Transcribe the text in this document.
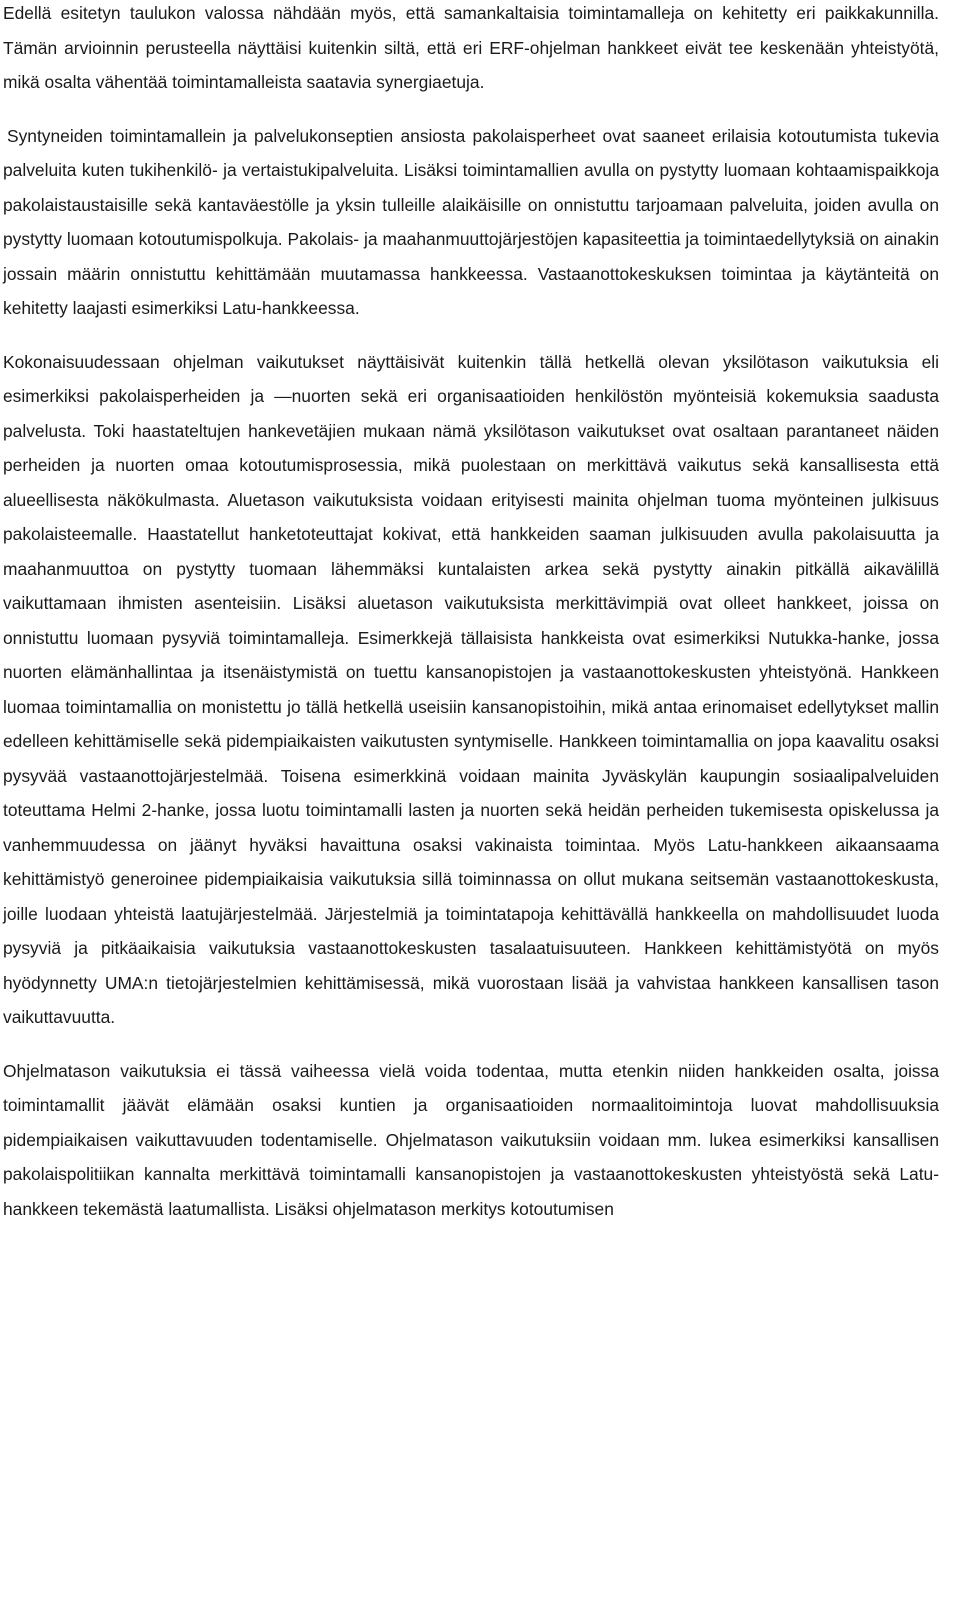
Edellä esitetyn taulukon valossa nähdään myös, että samankaltaisia toimintamalleja on kehitetty eri paikkakunnilla. Tämän arvioinnin perusteella näyttäisi kuitenkin siltä, että eri ERF-ohjelman hankkeet eivät tee keskenään yhteistyötä, mikä osalta vähentää toimintamalleista saatavia synergiaetuja.

Syntyneiden toimintamallein ja palvelukonseptien ansiosta pakolaisperheet ovat saaneet erilaisia kotoutumista tukevia palveluita kuten tukihenkilö- ja vertaistukipalveluita. Lisäksi toimintamallien avulla on pystytty luomaan kohtaamispaikkoja pakolaistaustaisille sekä kantaväestölle ja yksin tulleille alaikäisille on onnistuttu tarjoamaan palveluita, joiden avulla on pystytty luomaan kotoutumispolkuja. Pakolais- ja maahanmuuttojärjestöjen kapasiteettia ja toimintaedellytyksiä on ainakin jossain määrin onnistuttu kehittämään muutamassa hankkeessa. Vastaanottokeskuksen toimintaa ja käytänteitä on kehitetty laajasti esimerkiksi Latu-hankkeessa.

Kokonaisuudessaan ohjelman vaikutukset näyttäisivät kuitenkin tällä hetkellä olevan yksilötason vaikutuksia eli esimerkiksi pakolaisperheiden ja —nuorten sekä eri organisaatioiden henkilöstön myönteisiä kokemuksia saadusta palvelusta. Toki haastateltujen hankevetäjien mukaan nämä yksilötason vaikutukset ovat osaltaan parantaneet näiden perheiden ja nuorten omaa kotoutumisprosessia, mikä puolestaan on merkittävä vaikutus sekä kansallisesta että alueellisesta näkökulmasta. Aluetason vaikutuksista voidaan erityisesti mainita ohjelman tuoma myönteinen julkisuus pakolaisteemalle. Haastatellut hanketoteuttajat kokivat, että hankkeiden saaman julkisuuden avulla pakolaisuutta ja maahanmuuttoa on pystytty tuomaan lähemmäksi kuntalaisten arkea sekä pystytty ainakin pitkällä aikavälillä vaikuttamaan ihmisten asenteisiin. Lisäksi aluetason vaikutuksista merkittävimpiä ovat olleet hankkeet, joissa on onnistuttu luomaan pysyviä toimintamalleja. Esimerkkejä tällaisista hankkeista ovat esimerkiksi Nutukka-hanke, jossa nuorten elämänhallintaa ja itsenäistymistä on tuettu kansanopistojen ja vastaanottokeskusten yhteistyönä. Hankkeen luomaa toimintamallia on monistettu jo tällä hetkellä useisiin kansanopistoihin, mikä antaa erinomaiset edellytykset mallin edelleen kehittämiselle sekä pidempiaikaisten vaikutusten syntymiselle. Hankkeen toimintamallia on jopa kaavalitu osaksi pysyvää vastaanottojärjestelmää. Toisena esimerkkinä voidaan mainita Jyväskylän kaupungin sosiaalipalveluiden toteuttama Helmi 2-hanke, jossa luotu toimintamalli lasten ja nuorten sekä heidän perheiden tukemisesta opiskelussa ja vanhemmuudessa on jäänyt hyväksi havaittuna osaksi vakinaista toimintaa. Myös Latu-hankkeen aikaansaama kehittämistyö generoinee pidempiaikaisia vaikutuksia sillä toiminnassa on ollut mukana seitsemän vastaanottokeskusta, joille luodaan yhteistä laatujärjestelmää. Järjestelmiä ja toimintatapoja kehittävällä hankkeella on mahdollisuudet luoda pysyviä ja pitkäaikaisia vaikutuksia vastaanottokeskusten tasalaatuisuuteen. Hankkeen kehittämistyötä on myös hyödynnetty UMA:n tietojärjestelmien kehittämisessä, mikä vuorostaan lisää ja vahvistaa hankkeen kansallisen tason vaikuttavuutta.

Ohjelmatason vaikutuksia ei tässä vaiheessa vielä voida todentaa, mutta etenkin niiden hankkeiden osalta, joissa toimintamallit jäävät elämään osaksi kuntien ja organisaatioiden normaalitoimintoja luovat mahdollisuuksia pidempiaikaisen vaikuttavuuden todentamiselle. Ohjelmatason vaikutuksiin voidaan mm. lukea esimerkiksi kansallisen pakolaispolitiikan kannalta merkittävä toimintamalli kansanopistojen ja vastaanottokeskusten yhteistyöstä sekä Latu-hankkeen tekemästä laatumallista. Lisäksi ohjelmatason merkitys kotoutumisen
